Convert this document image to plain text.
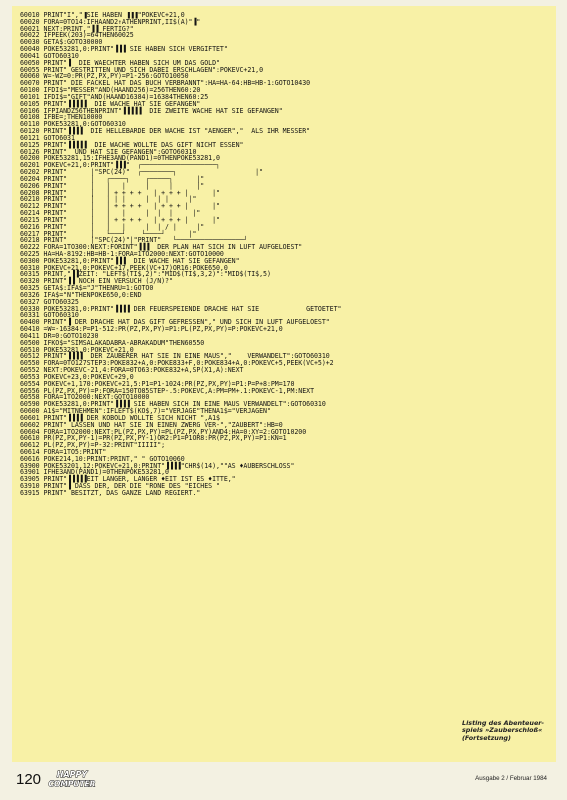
60010 PRINT"I","▐SIE HABEN ▐▐▐"POKEVC+21,0
60020 FORA=0TO14:IFHAAND2↑ATHENPRINT,II$(A)"▐"
60021 NEXT:PRINT,"▐▐ FERTIG?"
60022 IFPEEK(203)=64THEN60025
60030 GETA$:GOTO30000
60040 POKE53281,0:PRINT"▐▐▐ SIE HABEN SICH VERGIFTET"
60041 GOTO60310
60050 PRINT"▐  DIE WAECHTER HABEN SICH UM DAS GOLD"
60055 PRINT" GESTRITTEN UND SICH DABEI ERSCHLAGEN":POKEVC+21,0
60060 W=-WZ=0:PR(PZ,PX,PY)=P1-256:GOTO10050
60070 PRINT" DIE FACKEL HAT DAS BUCH VERBRANNT":HA=HA-64:HB=HB-1:GOTO10430
60100 IFDI$="MESSER"AND(HAAND256)=256THEN60:20
60101 IFDI$="GIFT"AND(HAAND16384)=16384THEN60:25
60105 PRINT"▐▐▐▐▐  DIE WACHE HAT SIE GEFANGEN"
60106 IFPIANDZ56THENPRINT"▐▐▐▐▐  DIE ZWEITE WACHE HAT SIE GEFANGEN"
60108 IFBE=;THEN10000
60110 POKE53281,0:GOTO60310
60120 PRINT"▐▐▐▐  DIE HELLEBARDE DER WACHE IST "AENGER","  ALS IHR MESSER"
60121 GOTO6031
60125 PRINT"▐▐▐▐▐  DIE WACHE WOLLTE DAS GIFT NICHT ESSEN"
60126 PRINT"  UND HAT SIE GEFANGEN":GOTO60310
60200 POKE53281,15:IFHE3AND(PAND1)=0THENPOKE53281,0
60201 POKEVC+21,0:PRINT"▐▐▐"  ┌───────────────────┐
60202 PRINT"      |"SPC(24)"  ┌────────┐                    |"
60204 PRINT"      |   ┌────┐    ┌─────┐      |"
60206 PRINT"      |   |   |     |     |      |"
60208 PRINT"      |   | + + + +   | + + + |      |"
60210 PRINT"      |   | | |     |  | |     |"
60212 PRINT"      |   | + + + +   | + + + |      |"
60214 PRINT"      |   |   |     |  |  |     |"
60215 PRINT"      |   | + + + +   | + + + |      |"
60216 PRINT"      |   |   |     |  | / |     |"
60217 PRINT"      |   └───┘    └────┘      |"
60218 PRINT"      |"SPC(24)"|"PRINT"   └─────────────────┘
60222 FORA=1TO300:NEXT:FORINT"▐▐▐  DER PLAN HAT SICH IN LUFT AUFGELOEST"
60225 HA=HA-8192:HB=HB-1:FORA=1TO2000:NEXT:GOTO10000
60300 POKE53281,0:PRINT"▐▐▐  DIE WACHE HAT SIE GEFANGEN"
60310 POKEVC+21,0:POKEVC+17,PEEK(VC+17)OR16:POKE650,0
60315 PRINT,"▐▐ZEIT: "LEFT$(TI$,2)":"MID$(TI$,3,2)":"MID$(TI$,5)
60320 PRINT"▐▐ NOCH EIN VERSUCH (J/N)?"
60325 GETA$:IFA$="J"THENRU=1:GOTO0
60326 IFA$="N"THENPOKE650,0:END
60327 GOTO60325
60330 POKE53281,0:PRINT"▐▐▐▐ DER FEUERSPEIENDE DRACHE HAT SIE            GETOETET"
60331 GOTO60310
60400 PRINT"▐ DER DRACHE HAT DAS GIFT GEFRESSEN"," UND SICH IN LUFT AUFGELOEST"
60410 =W=-16384:P=P1-512:PR(PZ,PX,PY)=P1:PL(PZ,PX,PY)=P:POKEVC+21,0
60411 DR=0:GOTO10230
60500 IFKO$="SIMSALAKADABRA-ABRAKADUM"THEN60550
60510 POKE53281,0:POKEVC+21,0
60512 PRINT"▐▐▐▐  DER ZAUBERER HAT SIE IN EINE MAUS","    VERWANDELT":GOTO60310
60550 FORA=0TO127STEP3:POKE832+A,0:POKE833+F,0:POKE834+A,0:POKEVC+5,PEEK(VC+5)+2
60552 NEXT:POKEVC-21,4:FORA=0TO63:POKE832+A,SP(X1,A):NEXT
60553 POKEVC+23,0:POKEVC+29,0
60554 POKEVC+1,170:POKEVC+21,5:P1=P1-1024:PR(PZ,PX,PY)=P1:P=P+8:PM=170
60556 PL(PZ,PX,PY)=P:FORA=150TO85STEP-.5:POKEVC,A:PM=PM+.1:POKEVC-1,PM:NEXT
60558 FORA=1TO2000:NEXT:GOTO10000
60590 POKE53281,0:PRINT"▐▐▐▐ SIE HABEN SICH IN EINE MAUS VERWANDELT":GOTO60310
60600 A1$="MITNEHMEN":IFLEFT$(KO$,7)="VERJAGE"THENA1$="VERJAGEN"
60601 PRINT"▐▐▐▐ DER KOBOLD WOLLTE SICH NICHT ",A1$
60602 PRINT" LASSEN UND HAT SIE IN EINEN ZWERG VER-","ZAUBERT":HB=0
60604 FORA=1TO2000:NEXT:PL(PZ,PX,PY)=PL(PZ,PX,PY)AND4:HA=0:XY=2:GOTO10200
60610 PR(PZ,PX,PY-1)=PR(PZ,PX,PY-1)OR2:P1=P1OR8:PR(PZ,PX,PY)=P1:KN=1
60612 PL(PZ,PX,PY)=P-32:PRINT"IIIII";
60614 FORA=1TO5:PRINT"
60616 POKE214,10:PRINT:PRINT," " GOTO10060
63900 POKE53201,12:POKEVC+21,0:PRINT"▐▐▐▐"CHR$(14),""AS ♦AUBERSCHLOSS"
63901 IFHE3AND(PAND1)=0THENPOKE53281,0
63905 PRINT"▐▐▐▐▐EIT LANGER, LANGER ♦EIT IST ES ♦ITTE,"
63910 PRINT"▐ DASS DER, DER DIE "RONE DES "EICHES "
63915 PRINT" BESITZT, DAS GANZE LAND REGIERT."
Listing des Abenteuer-
spiels »Zauberschloß«
(Fortsetzung)
120 HAPPY
COMPUTER
Ausgabe 2 / Februar 1984
